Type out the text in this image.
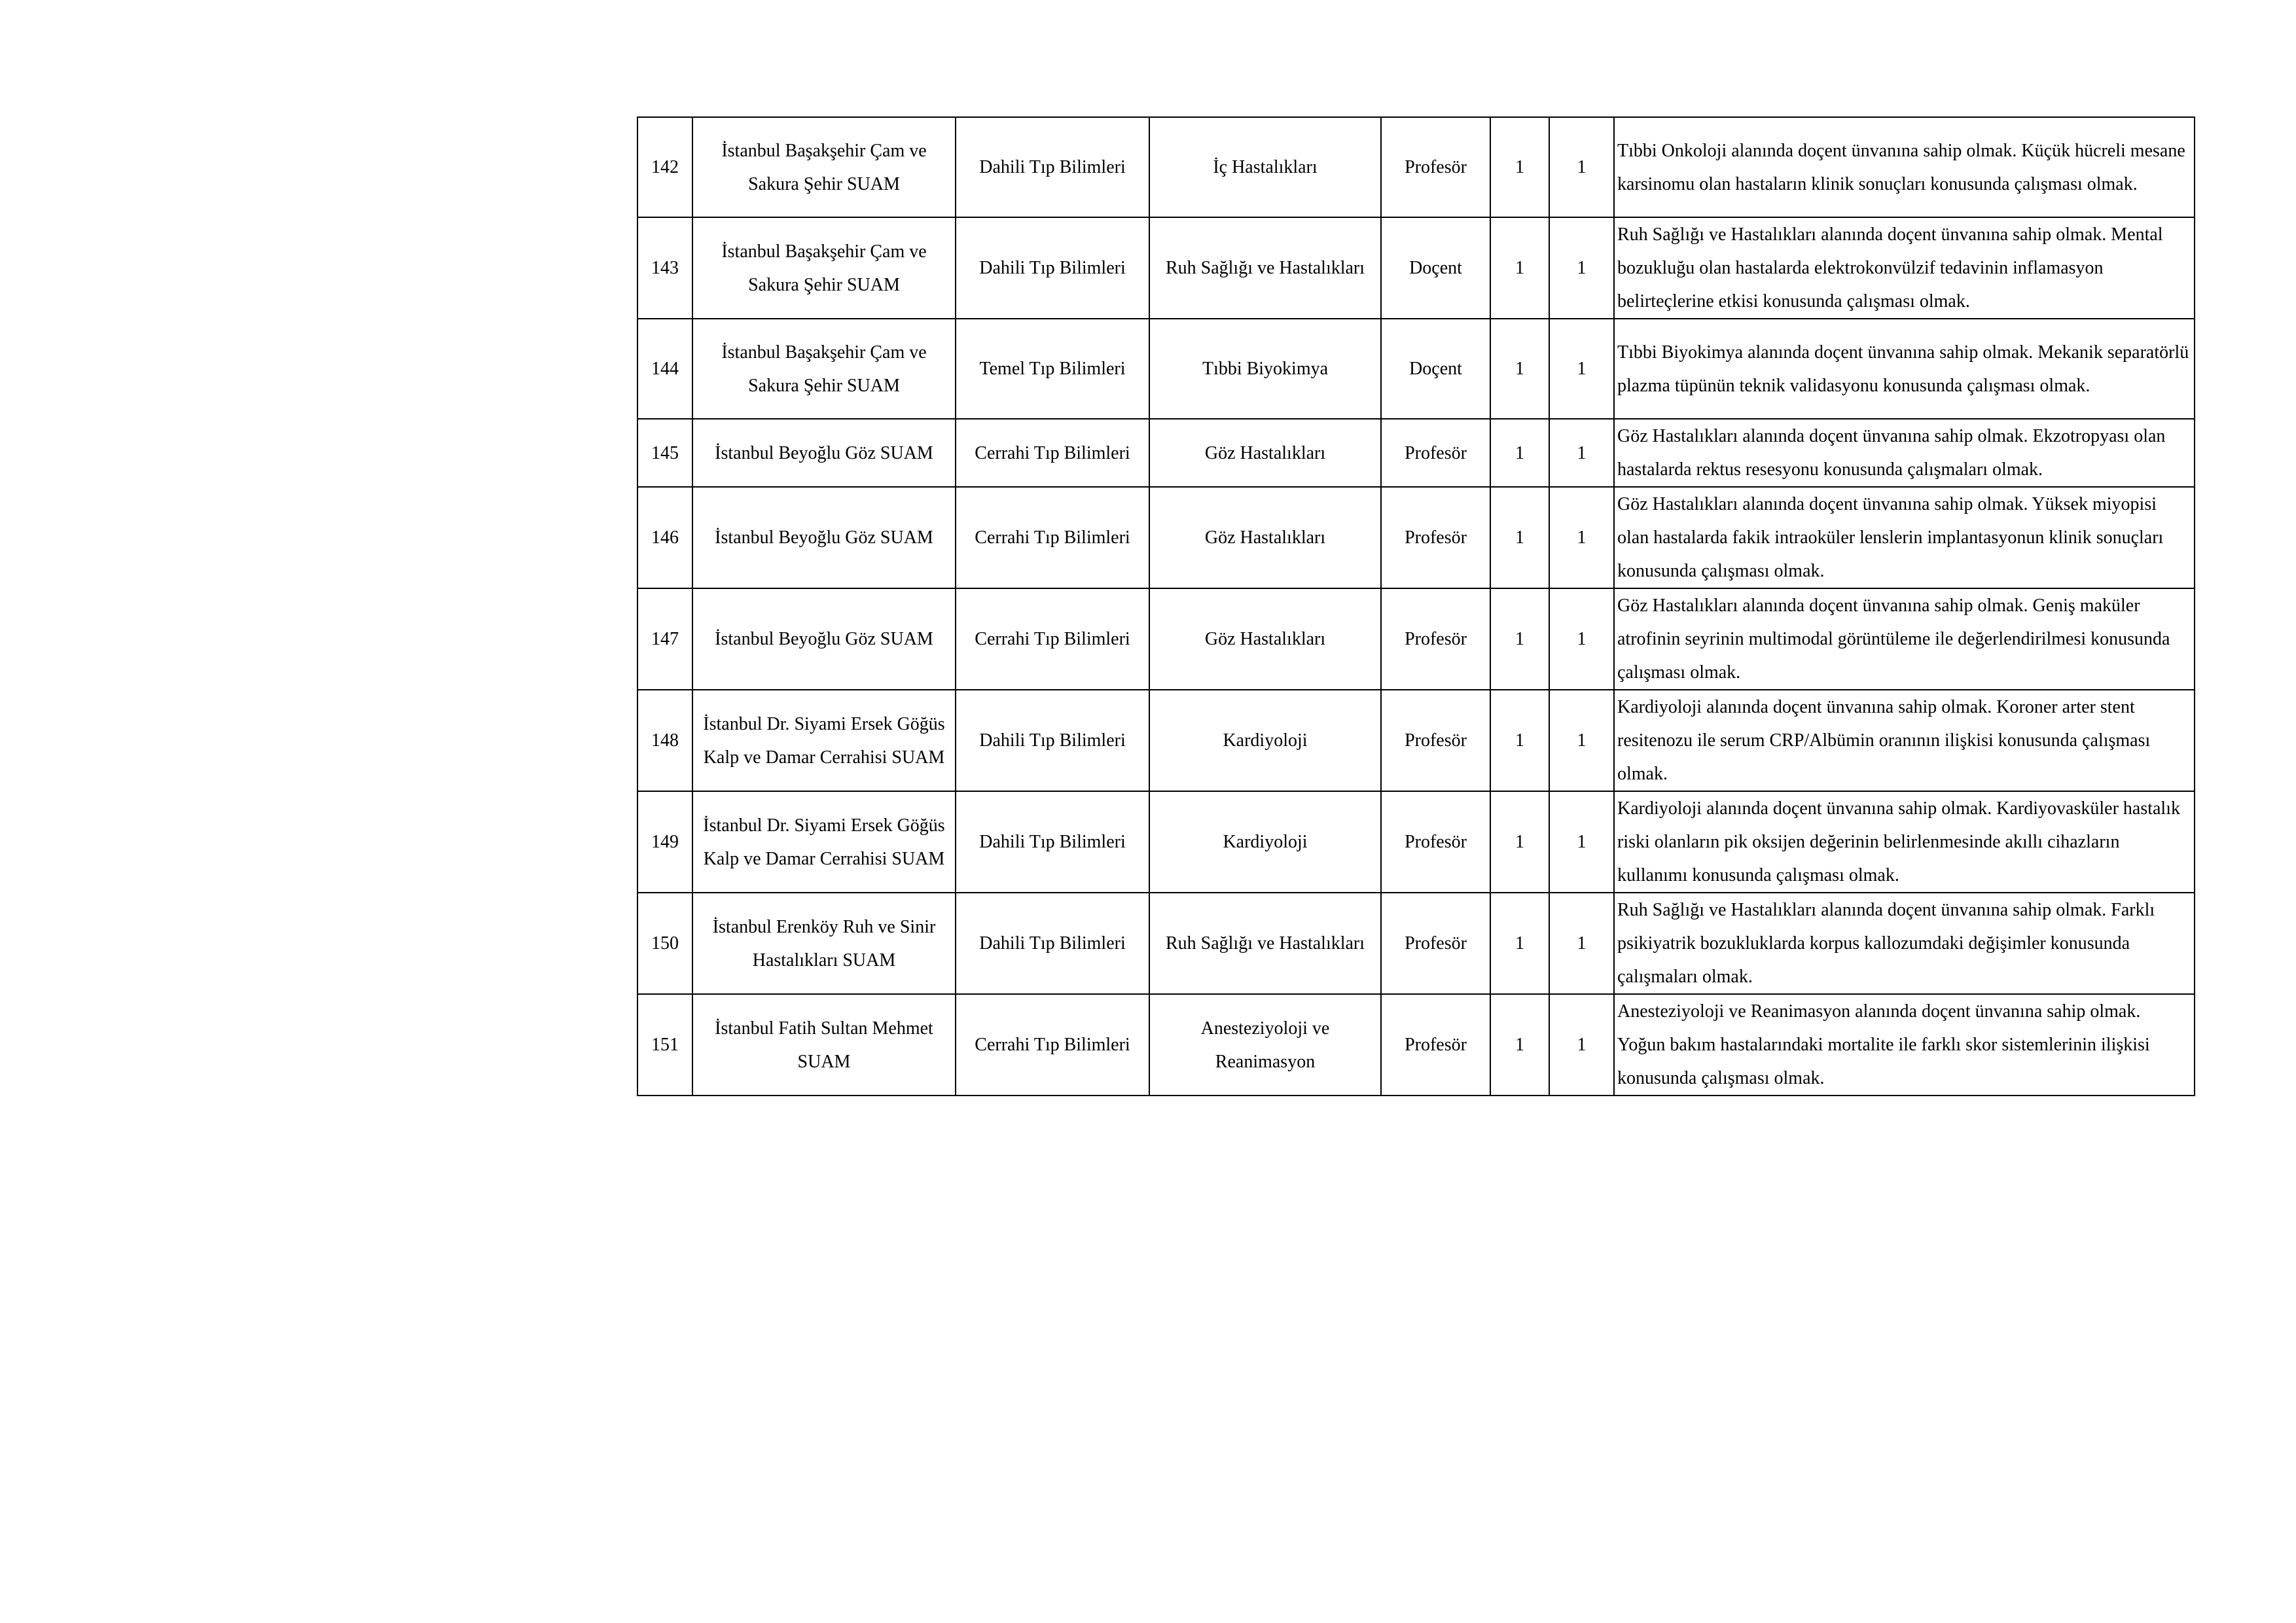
142	İstanbul Başakşehir Çam ve Sakura Şehir SUAM	Dahili Tıp Bilimleri	İç Hastalıkları	Profesör	1	1	Tıbbi Onkoloji alanında doçent ünvanına sahip olmak. Küçük hücreli mesane karsinomu olan hastaların klinik sonuçları konusunda çalışması olmak.
143	İstanbul Başakşehir Çam ve Sakura Şehir SUAM	Dahili Tıp Bilimleri	Ruh Sağlığı ve Hastalıkları	Doçent	1	1	Ruh Sağlığı ve Hastalıkları alanında doçent ünvanına sahip olmak. Mental bozukluğu olan hastalarda elektrokonvülzif tedavinin inflamasyon belirteçlerine etkisi konusunda çalışması olmak.
144	İstanbul Başakşehir Çam ve Sakura Şehir SUAM	Temel Tıp Bilimleri	Tıbbi Biyokimya	Doçent	1	1	Tıbbi Biyokimya alanında doçent ünvanına sahip olmak. Mekanik separatörlü plazma tüpünün teknik validasyonu konusunda çalışması olmak.
145	İstanbul Beyoğlu Göz SUAM	Cerrahi Tıp Bilimleri	Göz Hastalıkları	Profesör	1	1	Göz Hastalıkları alanında doçent ünvanına sahip olmak. Ekzotropyası olan hastalarda rektus resesyonu konusunda çalışmaları olmak.
146	İstanbul Beyoğlu Göz SUAM	Cerrahi Tıp Bilimleri	Göz Hastalıkları	Profesör	1	1	Göz Hastalıkları alanında doçent ünvanına sahip olmak. Yüksek miyopisi olan hastalarda fakik intraoküler lenslerin implantasyonun klinik sonuçları konusunda çalışması olmak.
147	İstanbul Beyoğlu Göz SUAM	Cerrahi Tıp Bilimleri	Göz Hastalıkları	Profesör	1	1	Göz Hastalıkları alanında doçent ünvanına sahip olmak. Geniş maküler atrofinin seyrinin multimodal görüntüleme ile değerlendirilmesi konusunda çalışması olmak.
148	İstanbul Dr. Siyami Ersek Göğüs Kalp ve Damar Cerrahisi SUAM	Dahili Tıp Bilimleri	Kardiyoloji	Profesör	1	1	Kardiyoloji alanında doçent ünvanına sahip olmak. Koroner arter stent resitenozu ile serum CRP/Albümin oranının ilişkisi konusunda çalışması olmak.
149	İstanbul Dr. Siyami Ersek Göğüs Kalp ve Damar Cerrahisi SUAM	Dahili Tıp Bilimleri	Kardiyoloji	Profesör	1	1	Kardiyoloji alanında doçent ünvanına sahip olmak. Kardiyovasküler hastalık riski olanların pik oksijen değerinin belirlenmesinde akıllı cihazların kullanımı konusunda çalışması olmak.
150	İstanbul Erenköy Ruh ve Sinir Hastalıkları SUAM	Dahili Tıp Bilimleri	Ruh Sağlığı ve Hastalıkları	Profesör	1	1	Ruh Sağlığı ve Hastalıkları alanında doçent ünvanına sahip olmak. Farklı psikiyatrik bozukluklarda korpus kallozumdaki değişimler konusunda çalışmaları olmak.
151	İstanbul Fatih Sultan Mehmet SUAM	Cerrahi Tıp Bilimleri	Anesteziyoloji ve Reanimasyon	Profesör	1	1	Anesteziyoloji ve Reanimasyon alanında doçent ünvanına sahip olmak. Yoğun bakım hastalarındaki mortalite ile farklı skor sistemlerinin ilişkisi konusunda çalışması olmak.
